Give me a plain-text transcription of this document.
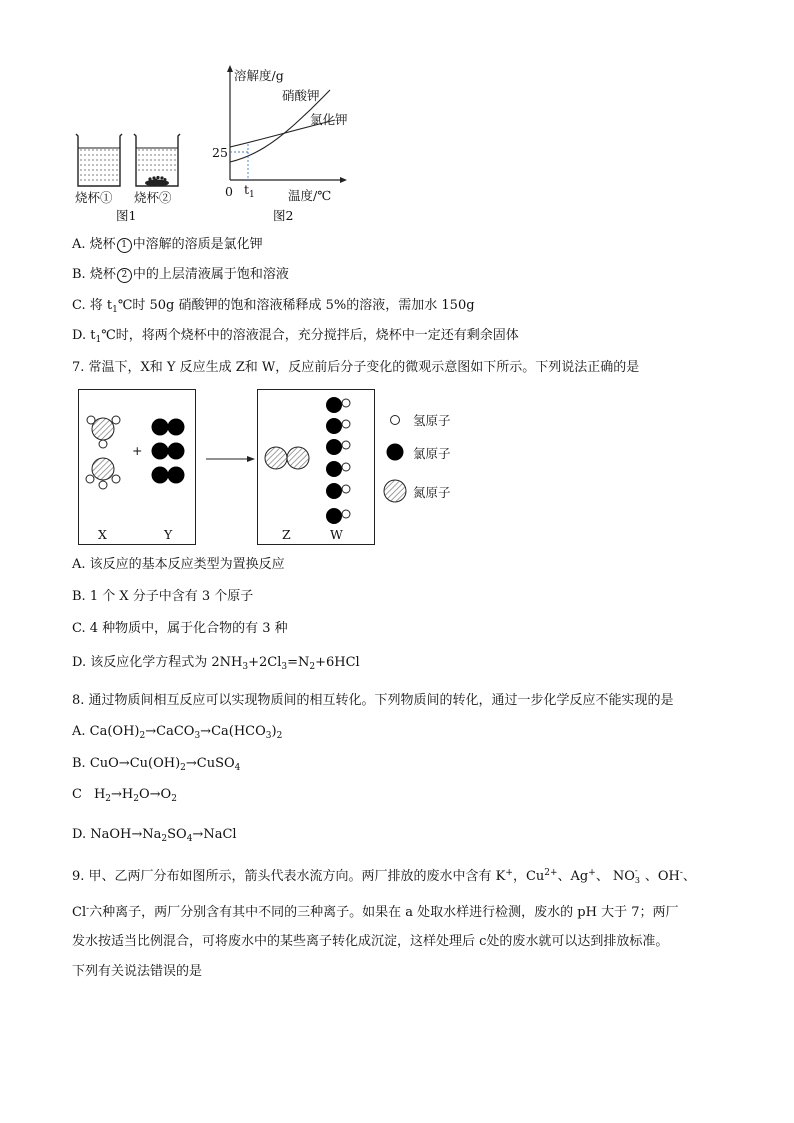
烧杯① 烧杯②
图1
溶解度/g
硝酸钾
氯化钾
25
0 $t_1$	温度/℃
图2
A. 烧杯 1 中溶解的溶质是氯化钾
B. 烧杯 2 中的上层清液属于饱和溶液
C. 将 $t_1℃$时 50g 硝酸钾的饱和溶液稀释成 5%的溶液，需加水 150g
D. $t_1℃$时，将两个烧杯中的溶液混合，充分搅拌后，烧杯中一定还有剩余固体
7. 常温下，X和 Y 反应生成 Z和 W，反应前后分子变化的微观示意图如下所示。下列说法正确的是
+
X	Y	Z	W
氢原子
氯原子
氮原子
A. 该反应的基本反应类型为置换反应
B. 1 个 X 分子中含有 3 个原子
C. 4 种物质中，属于化合物的有 3 种
D. 该反应化学方程式为 $2NH_3+2Cl_3=N_2+6HCl$
8. 通过物质间相互反应可以实现物质间的相互转化。下列物质间的转化，通过一步化学反应不能实现的是
A. $Ca(OH)_2\to CaCO_3\to Ca(HCO_3)_2$
B. $CuO\to Cu(OH)_2\to CuSO_4$
C $H_2\to H_2O\to O_2$
D. $NaOH\to Na_2SO_4\to NaCl$
9. 甲、乙两厂分布如图所示，箭头代表水流方向。两厂排放的废水中含有 K+，$Cu^{2+}$、Ag+、 NO -
3 、OH-、
Cl-六种离子，两厂分别含有其中不同的三种离子。如果在 a 处取水样进行检测，废水的 pH 大于 7；两厂
发水按适当比例混合，可将废水中的某些离子转化成沉淀，这样处理后 c处的废水就可以达到排放标准。
下列有关说法错误的是
